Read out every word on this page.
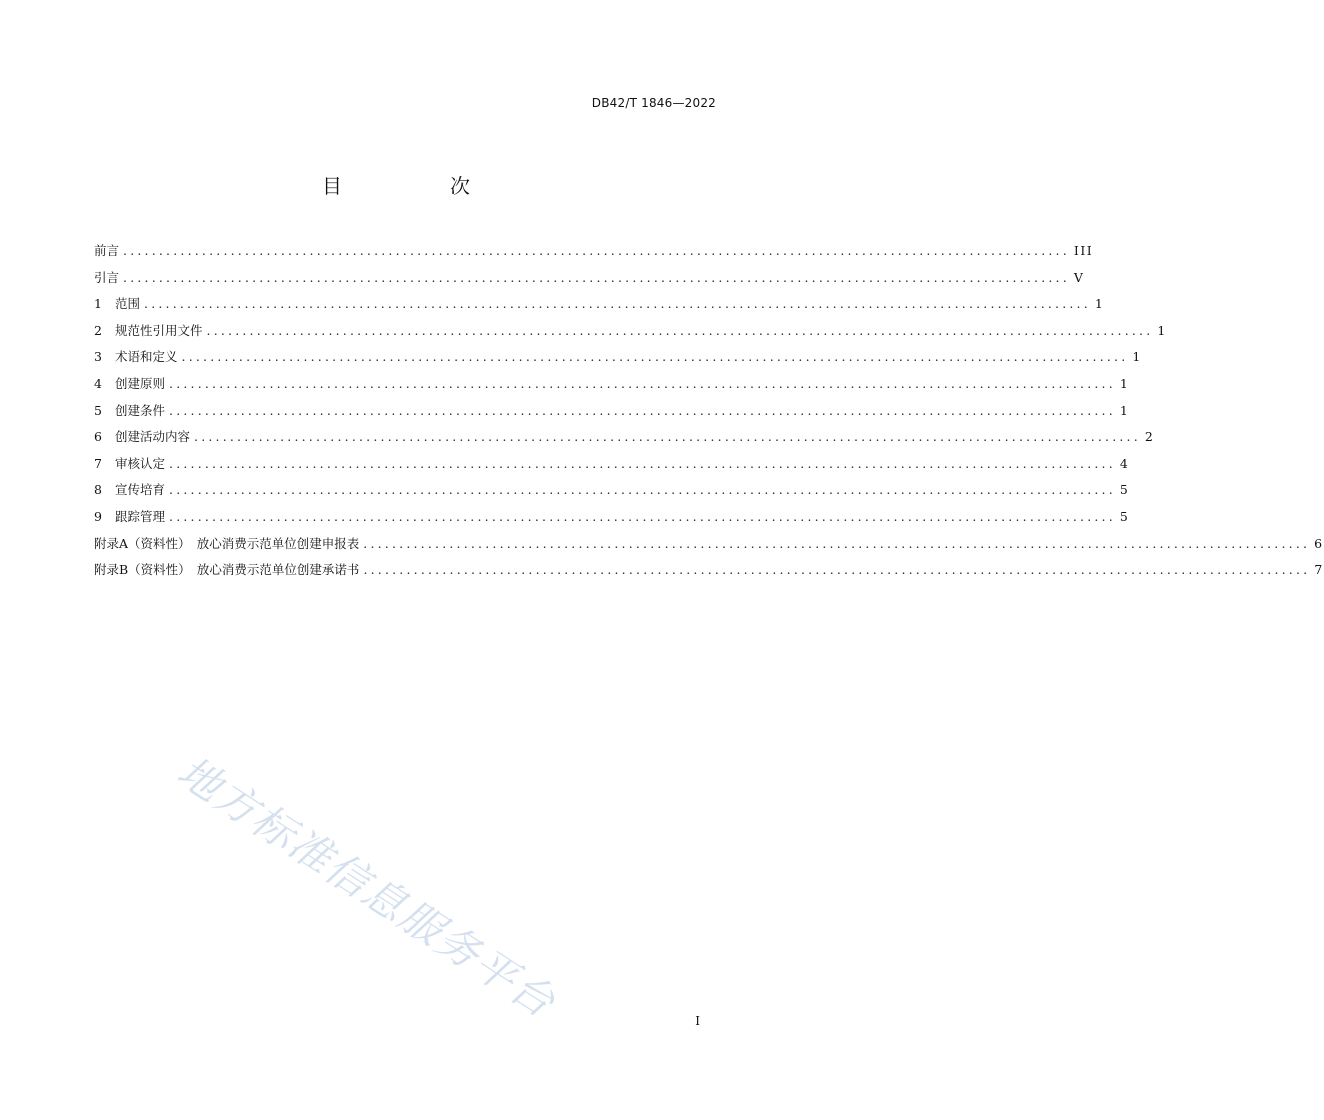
DB42/T 1846—2022
目　次
前言 .................................................................................................................................... III
引言 .................................................................................................................................... V
1	范围 .................................................................................................................................... 1
2	规范性引用文件 .................................................................................................................................... 1
3	术语和定义 .................................................................................................................................... 1
4	创建原则 .................................................................................................................................... 1
5	创建条件 .................................................................................................................................... 1
6	创建活动内容 .................................................................................................................................... 2
7	审核认定 .................................................................................................................................... 4
8	宣传培育 .................................................................................................................................... 5
9	跟踪管理 .................................................................................................................................... 5
附录A（资料性）　放心消费示范单位创建申报表 .................................................................................................................................... 6
附录B（资料性）　放心消费示范单位创建承诺书 .................................................................................................................................... 7
地方标准信息服务平台	I
